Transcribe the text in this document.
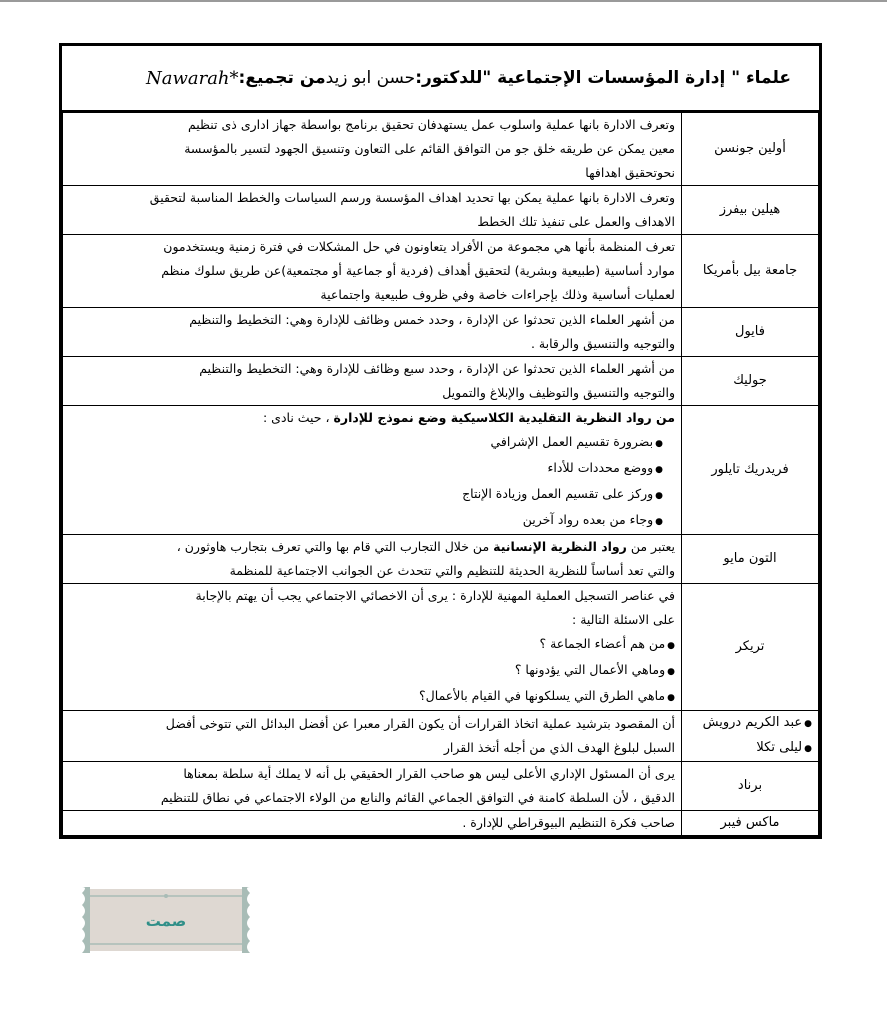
علماء " إدارة المؤسسات الإجتماعية "للدكتور:
حسن ابو زيد
من تجميع:
Nawarah*
أولين جونسن	وتعرف الادارة بانها عملية واسلوب عمل يستهدفان تحقيق برنامج بواسطة جهاز ادارى ذى تنظيم
معين يمكن عن طريقه خلق جو من التوافق القائم على التعاون وتنسيق الجهود لتسير بالمؤسسة
نحوتحقيق اهدافها

هيلين بيفرز	وتعرف الادارة بانها عملية يمكن بها تحديد اهداف المؤسسة ورسم السياسات والخطط المناسبة لتحقيق
الاهداف والعمل على تنفيذ تلك الخطط

جامعة بيل بأمريكا	تعرف المنظمة بأنها هي مجموعة من الأفراد يتعاونون في حل المشكلات في فترة زمنية ويستخدمون
موارد أساسية (طبيعية وبشرية) لتحقيق أهداف (فردية أو جماعية أو مجتمعية)عن طريق سلوك منظم
لعمليات أساسية وذلك بإجراءات خاصة وفي ظروف طبيعية واجتماعية

فايول	من أشهر العلماء الذين تحدثوا عن الإدارة ، وحدد خمس وظائف للإدارة وهي: التخطيط والتنظيم
والتوجيه والتنسيق والرقابة .

جوليك	من أشهر العلماء الذين تحدثوا عن الإدارة ، وحدد سبع وظائف للإدارة وهي: التخطيط والتنظيم
والتوجيه والتنسيق والتوظيف والإبلاغ والتمويل

فريدريك تايلور	من رواد النظرية التقليدية الكلاسيكية وضع نموذج للإدارة ، حيث نادى :
● بضرورة تقسيم العمل الإشرافي
● ووضع محددات للأداء
● وركز على تقسيم العمل وزيادة الإنتاج
● وجاء من بعده رواد آخرين

التون مايو	يعتبر من رواد النظرية الإنسانية من خلال التجارب التي قام بها والتي تعرف بتجارب هاوثورن ،
والتي تعد أساساً للنظرية الحديثة للتنظيم والتي تتحدث عن الجوانب الاجتماعية للمنظمة

تريكر	في عناصر التسجيل العملية المهنية للإدارة : يرى أن الاخصائي الاجتماعي يجب أن يهتم بالإجابة
على الاسئلة التالية :
● من هم أعضاء الجماعة ؟
● وماهي الأعمال التي يؤدونها ؟
● ماهي الطرق التي يسلكونها في القيام بالأعمال؟

● عبد الكريم درويش
● ليلى تكلا	أن المقصود بترشيد عملية اتخاذ القرارات أن يكون القرار معبرا عن أفضل البدائل التي تتوخى أفضل
السبل لبلوغ الهدف الذي من أجله أتخذ القرار

برناد	يرى أن المسئول الإداري الأعلى ليس هو صاحب القرار الحقيقي بل أنه لا يملك أية سلطة بمعناها
الدقيق ، لأن السلطة كامنة في التوافق الجماعي القائم والنابع من الولاء الاجتماعي في نطاق للتنظيم

ماكس فيبر	صاحب فكرة التنظيم البيوقراطي للإدارة .
صمت
